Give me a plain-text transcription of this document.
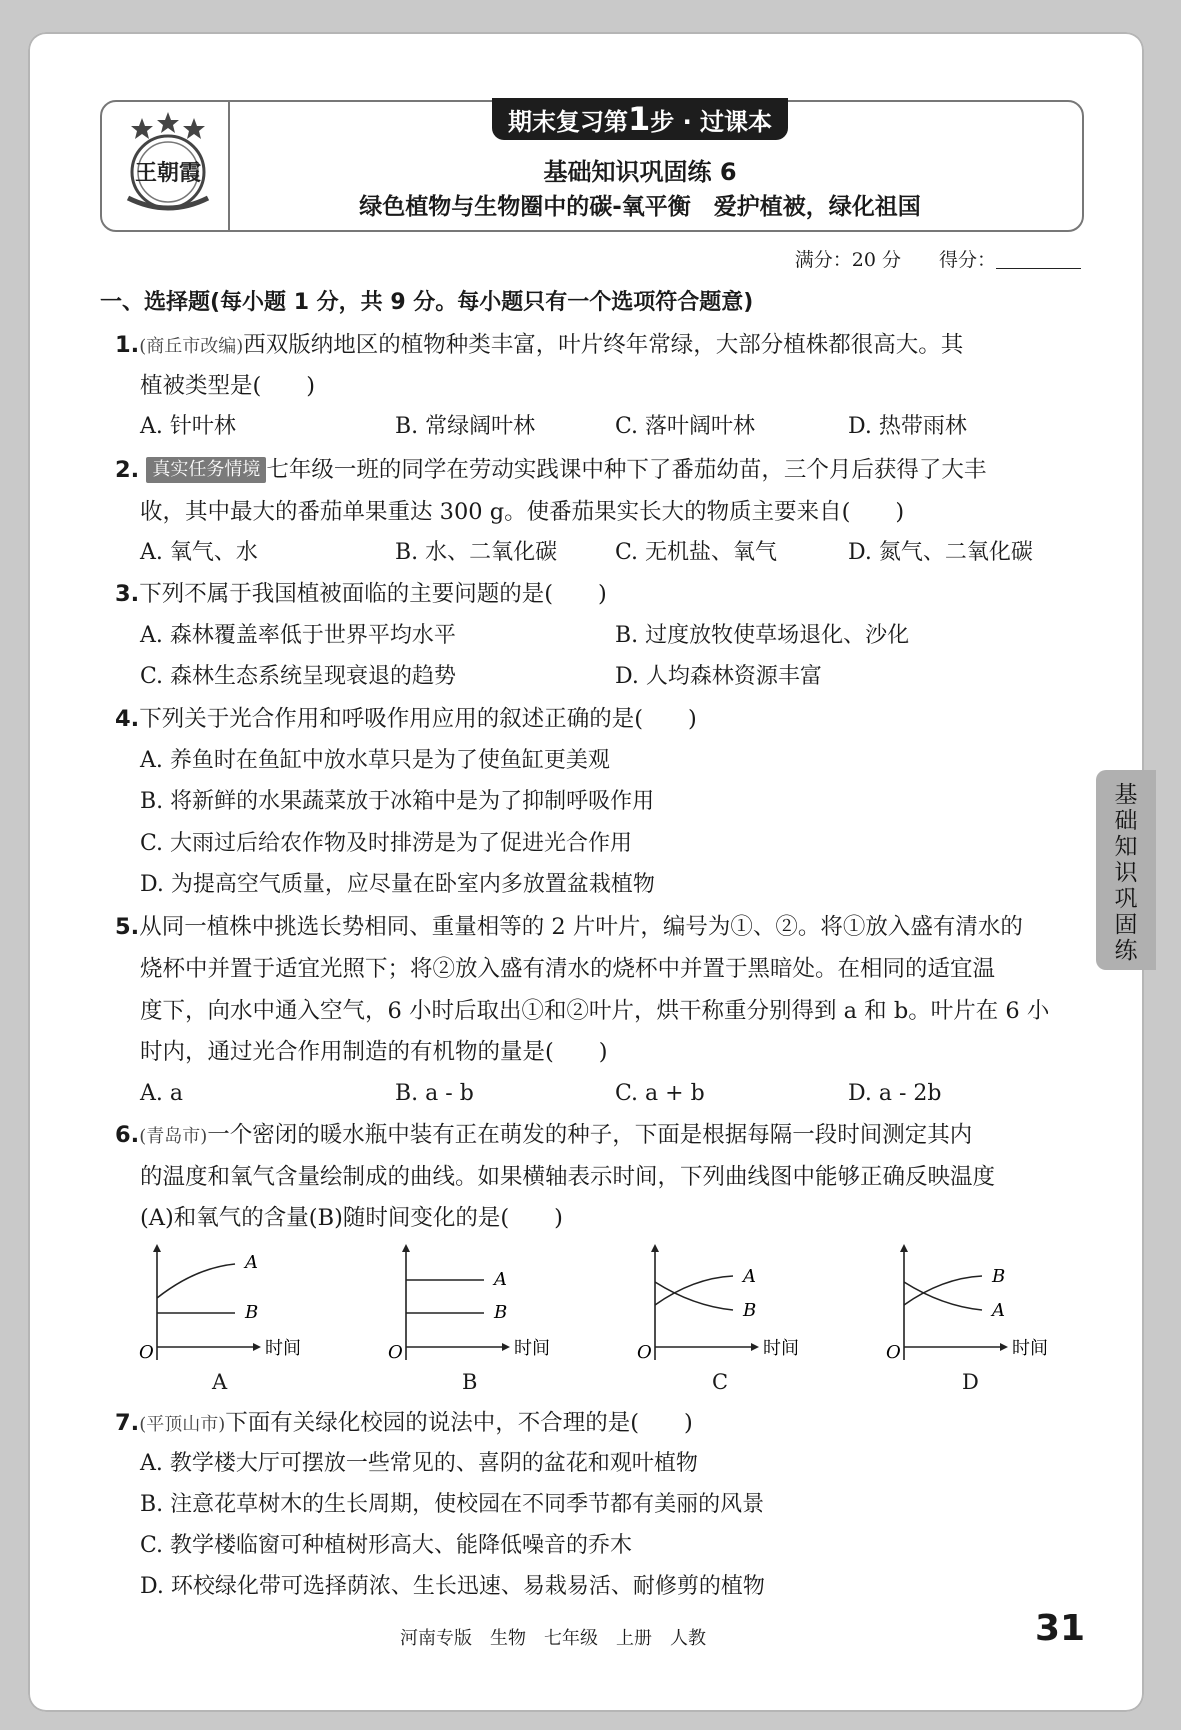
期末复习第1步 · 过课本
王朝霞	基础知识巩固练 6
绿色植物与生物圈中的碳-氧平衡　爱护植被，绿化祖国
满分：20 分　　 得分：
一、选择题(每小题 1 分，共 9 分。每小题只有一个选项符合题意)
1.(商丘市改编)西双版纳地区的植物种类丰富，叶片终年常绿，大部分植株都很高大。其
植被类型是(　　)
A. 针叶林	B. 常绿阔叶林	C. 落叶阔叶林	D. 热带雨林
2. 真实任务情境 七年级一班的同学在劳动实践课中种下了番茄幼苗，三个月后获得了大丰
收，其中最大的番茄单果重达 300 g。使番茄果实长大的物质主要来自(　　)
A. 氧气、水	B. 水、二氧化碳	C. 无机盐、氧气	D. 氮气、二氧化碳
3.下列不属于我国植被面临的主要问题的是(　　)
A. 森林覆盖率低于世界平均水平	B. 过度放牧使草场退化、沙化
C. 森林生态系统呈现衰退的趋势	D. 人均森林资源丰富
4.下列关于光合作用和呼吸作用应用的叙述正确的是(　　)
A. 养鱼时在鱼缸中放水草只是为了使鱼缸更美观
B. 将新鲜的水果蔬菜放于冰箱中是为了抑制呼吸作用
C. 大雨过后给农作物及时排涝是为了促进光合作用
D. 为提高空气质量，应尽量在卧室内多放置盆栽植物
5.从同一植株中挑选长势相同、重量相等的 2 片叶片，编号为①、②。将①放入盛有清水的
烧杯中并置于适宜光照下；将②放入盛有清水的烧杯中并置于黑暗处。在相同的适宜温
度下，向水中通入空气，6 小时后取出①和②叶片，烘干称重分别得到 a 和 b。叶片在 6 小
时内，通过光合作用制造的有机物的量是(　　)
A. a	B. a - b	C. a + b	D. a - 2b
6.(青岛市)一个密闭的暖水瓶中装有正在萌发的种子，下面是根据每隔一段时间测定其内
的温度和氧气含量绘制成的曲线。如果横轴表示时间，下列曲线图中能够正确反映温度
(A)和氧气的含量(B)随时间变化的是(　　)
A
B
O	时间
A
A
B
O	时间
B
A
B
O	时间
C
B
A
O	时间
D
7.(平顶山市)下面有关绿化校园的说法中，不合理的是(　　)
A. 教学楼大厅可摆放一些常见的、喜阴的盆花和观叶植物
B. 注意花草树木的生长周期，使校园在不同季节都有美丽的风景
C. 教学楼临窗可种植树形高大、能降低噪音的乔木
D. 环校绿化带可选择荫浓、生长迅速、易栽易活、耐修剪的植物
基础知识巩固练
河南专版　生物　七年级　上册　人教	31
